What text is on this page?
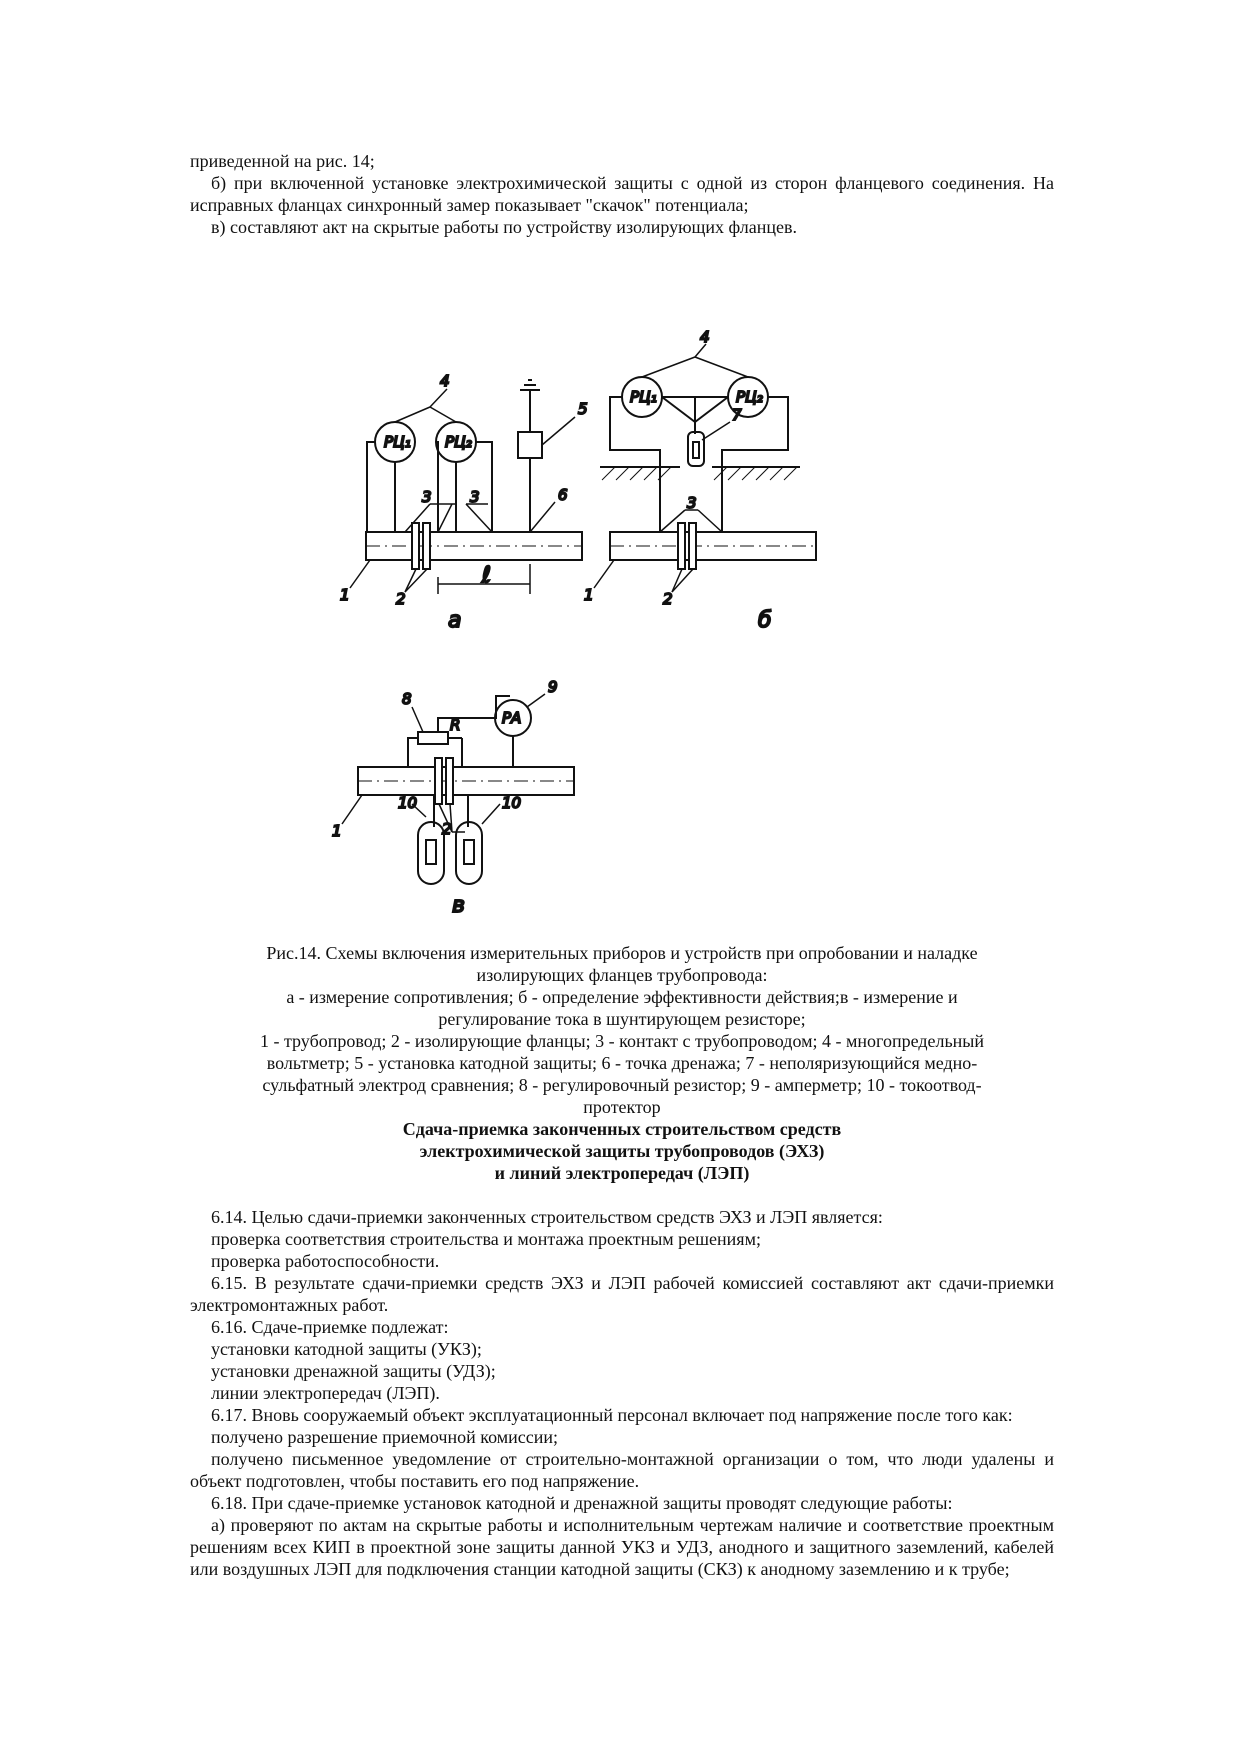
приведенной на рис. 14;

б) при включенной установке электрохимической защиты с одной из сторон фланцевого соединения. На исправных фланцах синхронный замер показывает "скачок" потенциала;

в) составляют акт на скрытые работы по устройству изолирующих фланцев.

РЦ₁ РЦ₂
4
5
6
3	3
1	2
ℓ
а
РЦ₁	РЦ₂
4
7
3
1	2
б
РА
R
8
9
1	2
10	10
в
Рис.14. Схемы включения измерительных приборов и устройств при опробовании и наладке
изолирующих фланцев трубопровода:
а - измерение сопротивления; б - определение эффективности действия;в - измерение и
регулирование тока в шунтирующем резисторе;
1 - трубопровод; 2 - изолирующие фланцы; 3 - контакт с трубопроводом; 4 - многопредельный
вольтметр; 5 - установка катодной защиты; 6 - точка дренажа; 7 - неполяризующийся медно-
сульфатный электрод сравнения; 8 - регулировочный резистор; 9 - амперметр; 10 - токоотвод-
протектор
Сдача-приемка законченных строительством средств
электрохимической защиты трубопроводов (ЭХЗ)
и линий электропередач (ЛЭП)

6.14. Целью сдачи-приемки законченных строительством средств ЭХЗ и ЛЭП является:

проверка соответствия строительства и монтажа проектным решениям;

проверка работоспособности.

6.15. В результате сдачи-приемки средств ЭХЗ и ЛЭП рабочей комиссией составляют акт сдачи-приемки электромонтажных работ.

6.16. Сдаче-приемке подлежат:

установки катодной защиты (УКЗ);

установки дренажной защиты (УДЗ);

линии электропередач (ЛЭП).

6.17. Вновь сооружаемый объект эксплуатационный персонал включает под напряжение после того как:

получено разрешение приемочной комиссии;

получено письменное уведомление от строительно-монтажной организации о том, что люди удалены и объект подготовлен, чтобы поставить его под напряжение.

6.18. При сдаче-приемке установок катодной и дренажной защиты проводят следующие работы:

а) проверяют по актам на скрытые работы и исполнительным чертежам наличие и соответствие проектным решениям всех КИП в проектной зоне защиты данной УКЗ и УДЗ, анодного и защитного заземлений, кабелей или воздушных ЛЭП для подключения станции катодной защиты (СКЗ) к анодному заземлению и к трубе;
